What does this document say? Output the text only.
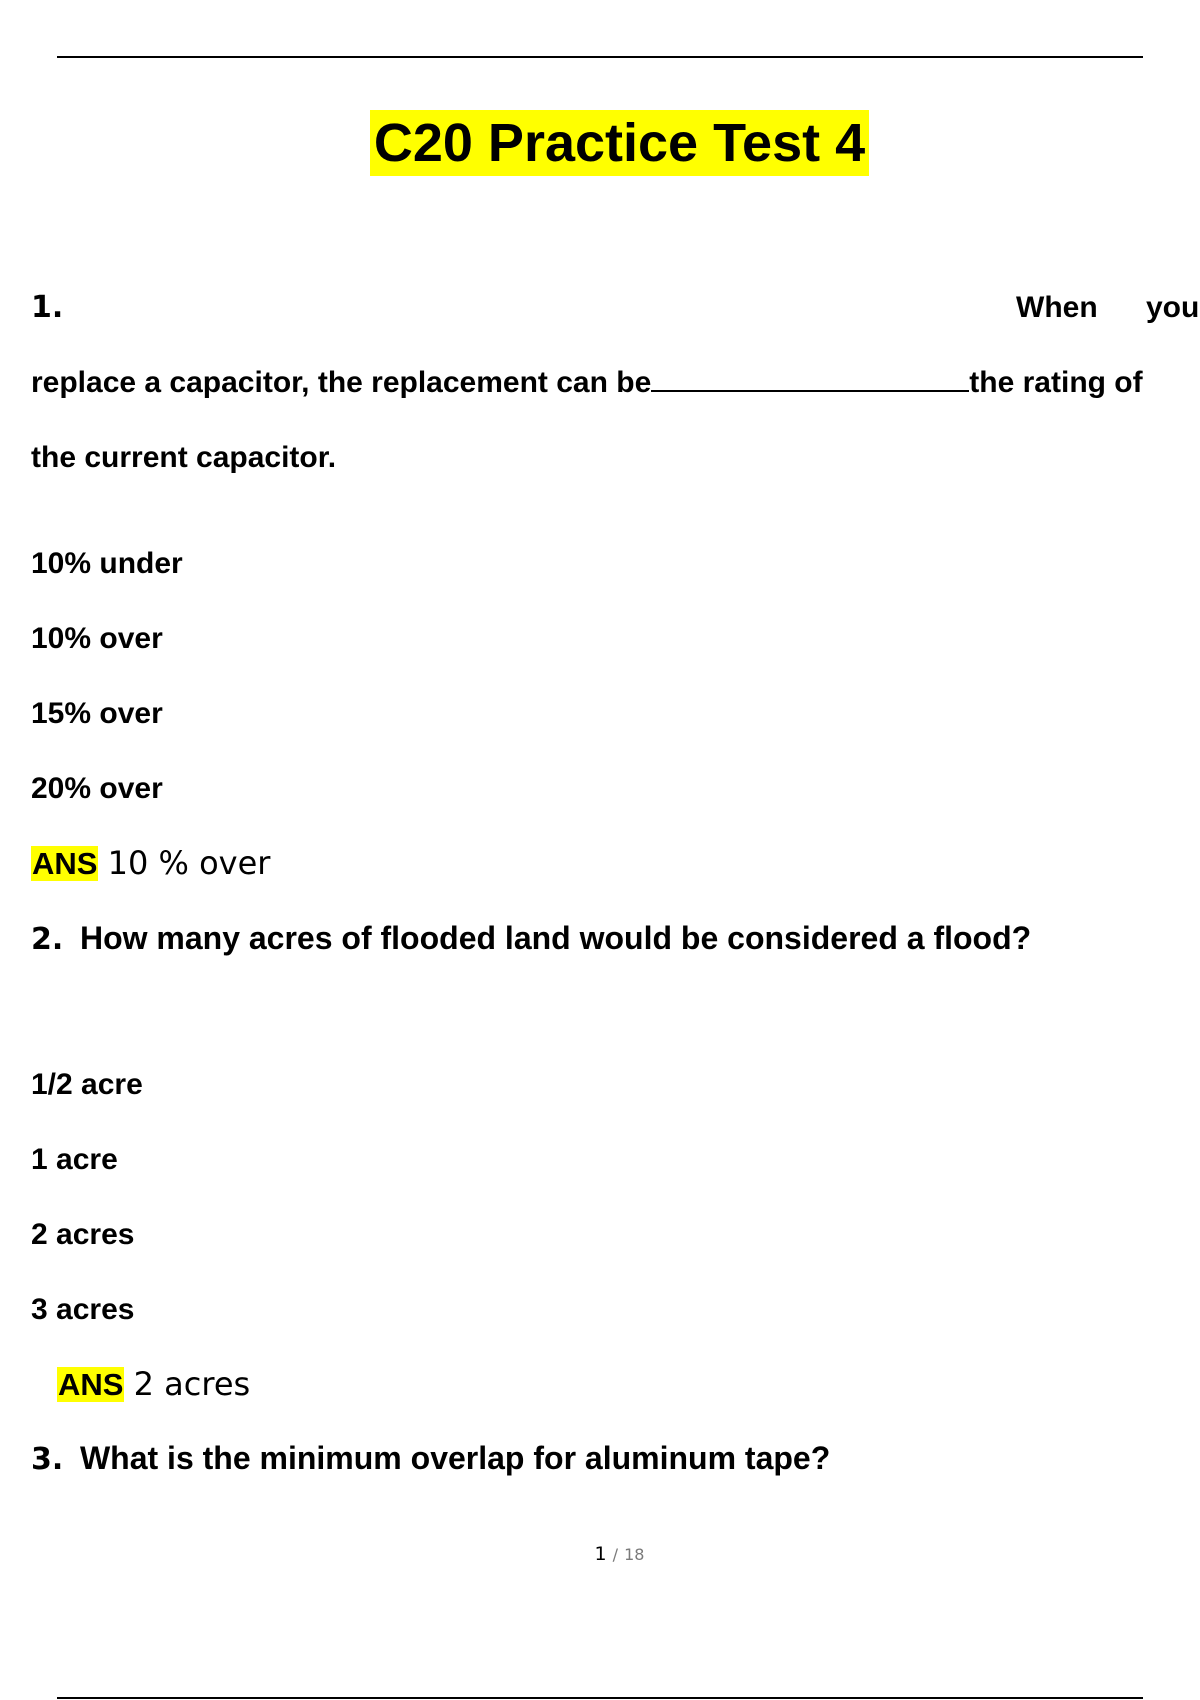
C20 Practice Test 4
1.	When you
replace a capacitor, the replacement can be	the rating of
the current capacitor.
10% under
10% over
15% over
20% over
ANS 10 % over
2. How many acres of flooded land would be considered a flood?
1/2 acre
1 acre
2 acres
3 acres
ANS 2 acres
3. What is the minimum overlap for aluminum tape?
1 / 18
